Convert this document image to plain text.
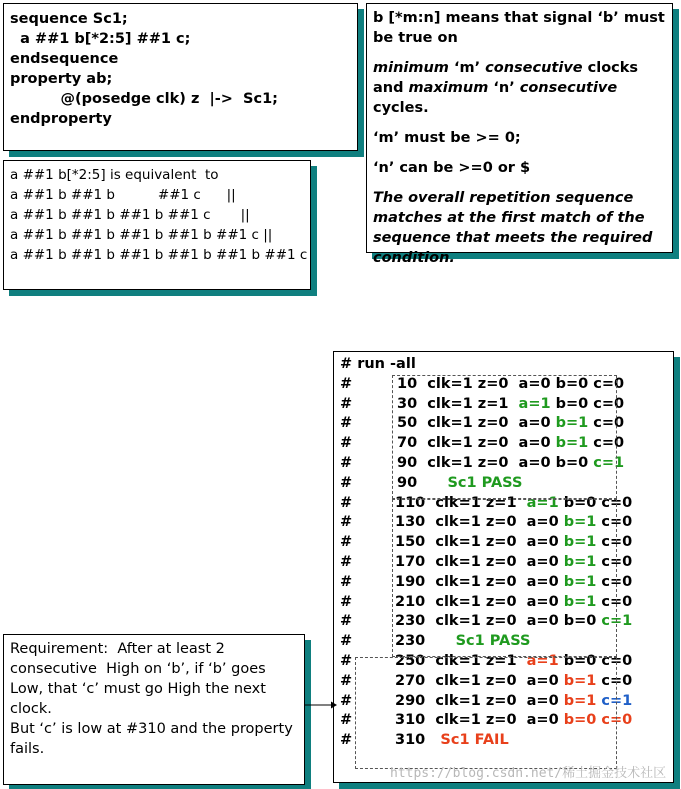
sequence Sc1;
a ##1 b[*2:5] ##1 c;
endsequence
property ab;
@(posedge clk) z  |->  Sc1;
endproperty
a ##1 b[*2:5] is equivalent  to
a ##1 b ##1 b          ##1 c      ||
a ##1 b ##1 b ##1 b ##1 c       ||
a ##1 b ##1 b ##1 b ##1 b ##1 c ||
a ##1 b ##1 b ##1 b ##1 b ##1 b ##1 c
b [*m:n] means that signal ‘b’ must be true on
minimum ‘m’ consecutive clocks and maximum ‘n’ consecutive cycles.
‘m’ must be >= 0;
‘n’ can be >=0 or $
The overall repetition sequence matches at the first match of the sequence that meets the required condition.
# run -all
#	10  clk=1 z=0  a=0 b=0 c=0
#	30  clk=1 z=1  a=1 b=0 c=0
#	50  clk=1 z=0  a=0 b=1 c=0
#	70  clk=1 z=0  a=0 b=1 c=0
#	90  clk=1 z=0  a=0 b=0 c=1
#	90      Sc1 PASS
#	110  clk=1 z=1  a=1 b=0 c=0
#	130  clk=1 z=0  a=0 b=1 c=0
#	150  clk=1 z=0  a=0 b=1 c=0
#	170  clk=1 z=0  a=0 b=1 c=0
#	190  clk=1 z=0  a=0 b=1 c=0
#	210  clk=1 z=0  a=0 b=1 c=0
#	230  clk=1 z=0  a=0 b=0 c=1
#	230      Sc1 PASS
#	250  clk=1 z=1  a=1 b=0 c=0
#	270  clk=1 z=0  a=0 b=1 c=0
#	290  clk=1 z=0  a=0 b=1 c=1
#	310  clk=1 z=0  a=0 b=0 c=0
#	310   Sc1 FAIL
Requirement:  After at least 2
consecutive  High on ‘b’, if ‘b’ goes
Low, that ‘c’ must go High the next
clock.
But ‘c’ is low at #310 and the property
fails.
https://blog.csdn.net/稀土掘金技术社区
